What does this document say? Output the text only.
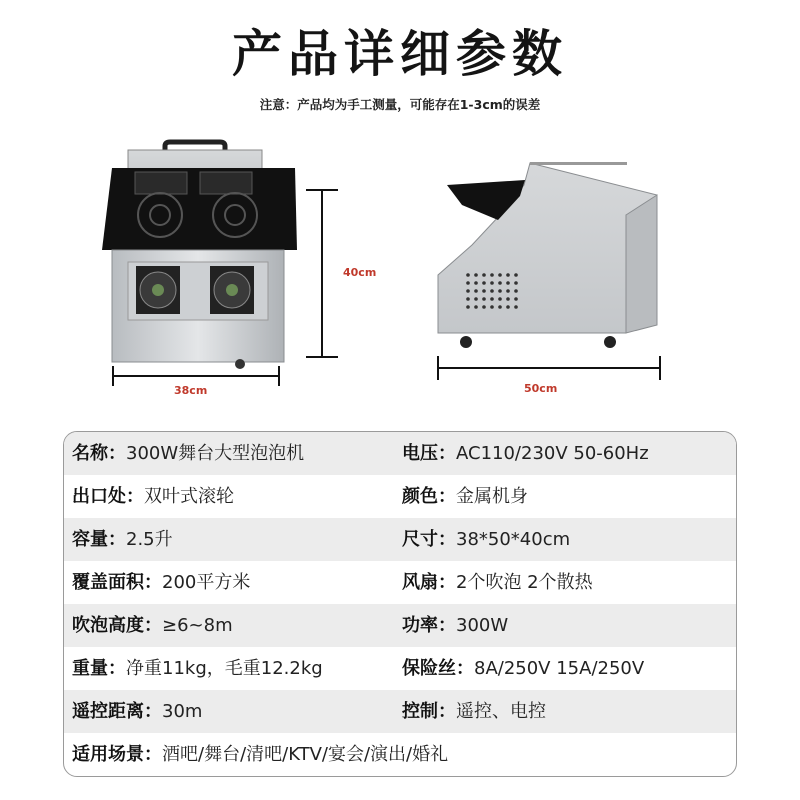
产品详细参数
注意：产品均为手工测量，可能存在1-3cm的误差
40cm
38cm	50cm
名称：300W舞台大型泡泡机	电压：AC110/230V 50-60Hz
出口处：双叶式滚轮	颜色：金属机身
容量：2.5升	尺寸：38*50*40cm
覆盖面积：200平方米	风扇：2个吹泡 2个散热
吹泡高度：≥6~8m	功率：300W
重量：净重11kg，毛重12.2kg	保险丝：8A/250V 15A/250V
遥控距离：30m	控制：遥控、电控
适用场景：酒吧/舞台/清吧/KTV/宴会/演出/婚礼
